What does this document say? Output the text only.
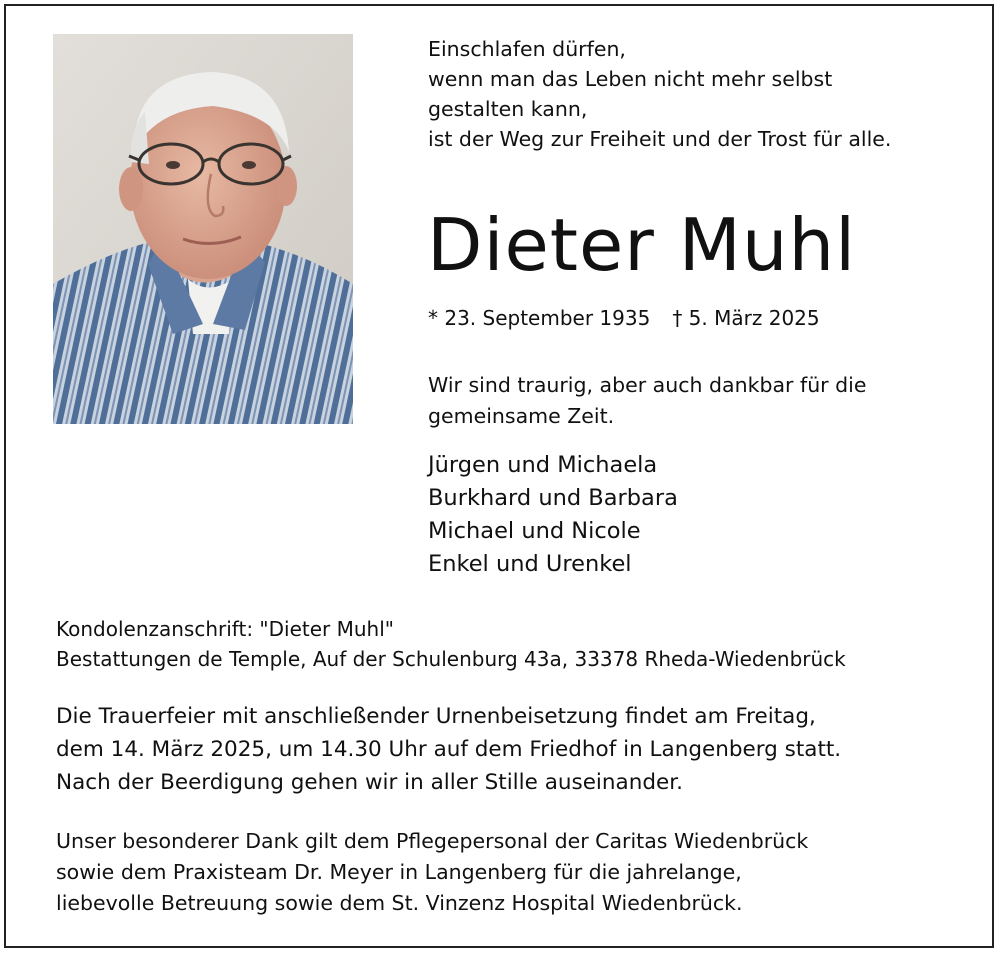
Einschlafen dürfen,
wenn man das Leben nicht mehr selbst
gestalten kann,
ist der Weg zur Freiheit und der Trost für alle.
Dieter Muhl
* 23. September 1935 † 5. März 2025
Wir sind traurig, aber auch dankbar für die
gemeinsame Zeit.
Jürgen und Michaela
Burkhard und Barbara
Michael und Nicole
Enkel und Urenkel
Kondolenzanschrift: "Dieter Muhl"
Bestattungen de Temple, Auf der Schulenburg 43a, 33378 Rheda-Wiedenbrück
Die Trauerfeier mit anschließender Urnenbeisetzung findet am Freitag,
dem 14. März 2025, um 14.30 Uhr auf dem Friedhof in Langenberg statt.
Nach der Beerdigung gehen wir in aller Stille auseinander.
Unser besonderer Dank gilt dem Pflegepersonal der Caritas Wiedenbrück
sowie dem Praxisteam Dr. Meyer in Langenberg für die jahrelange,
liebevolle Betreuung sowie dem St. Vinzenz Hospital Wiedenbrück.
